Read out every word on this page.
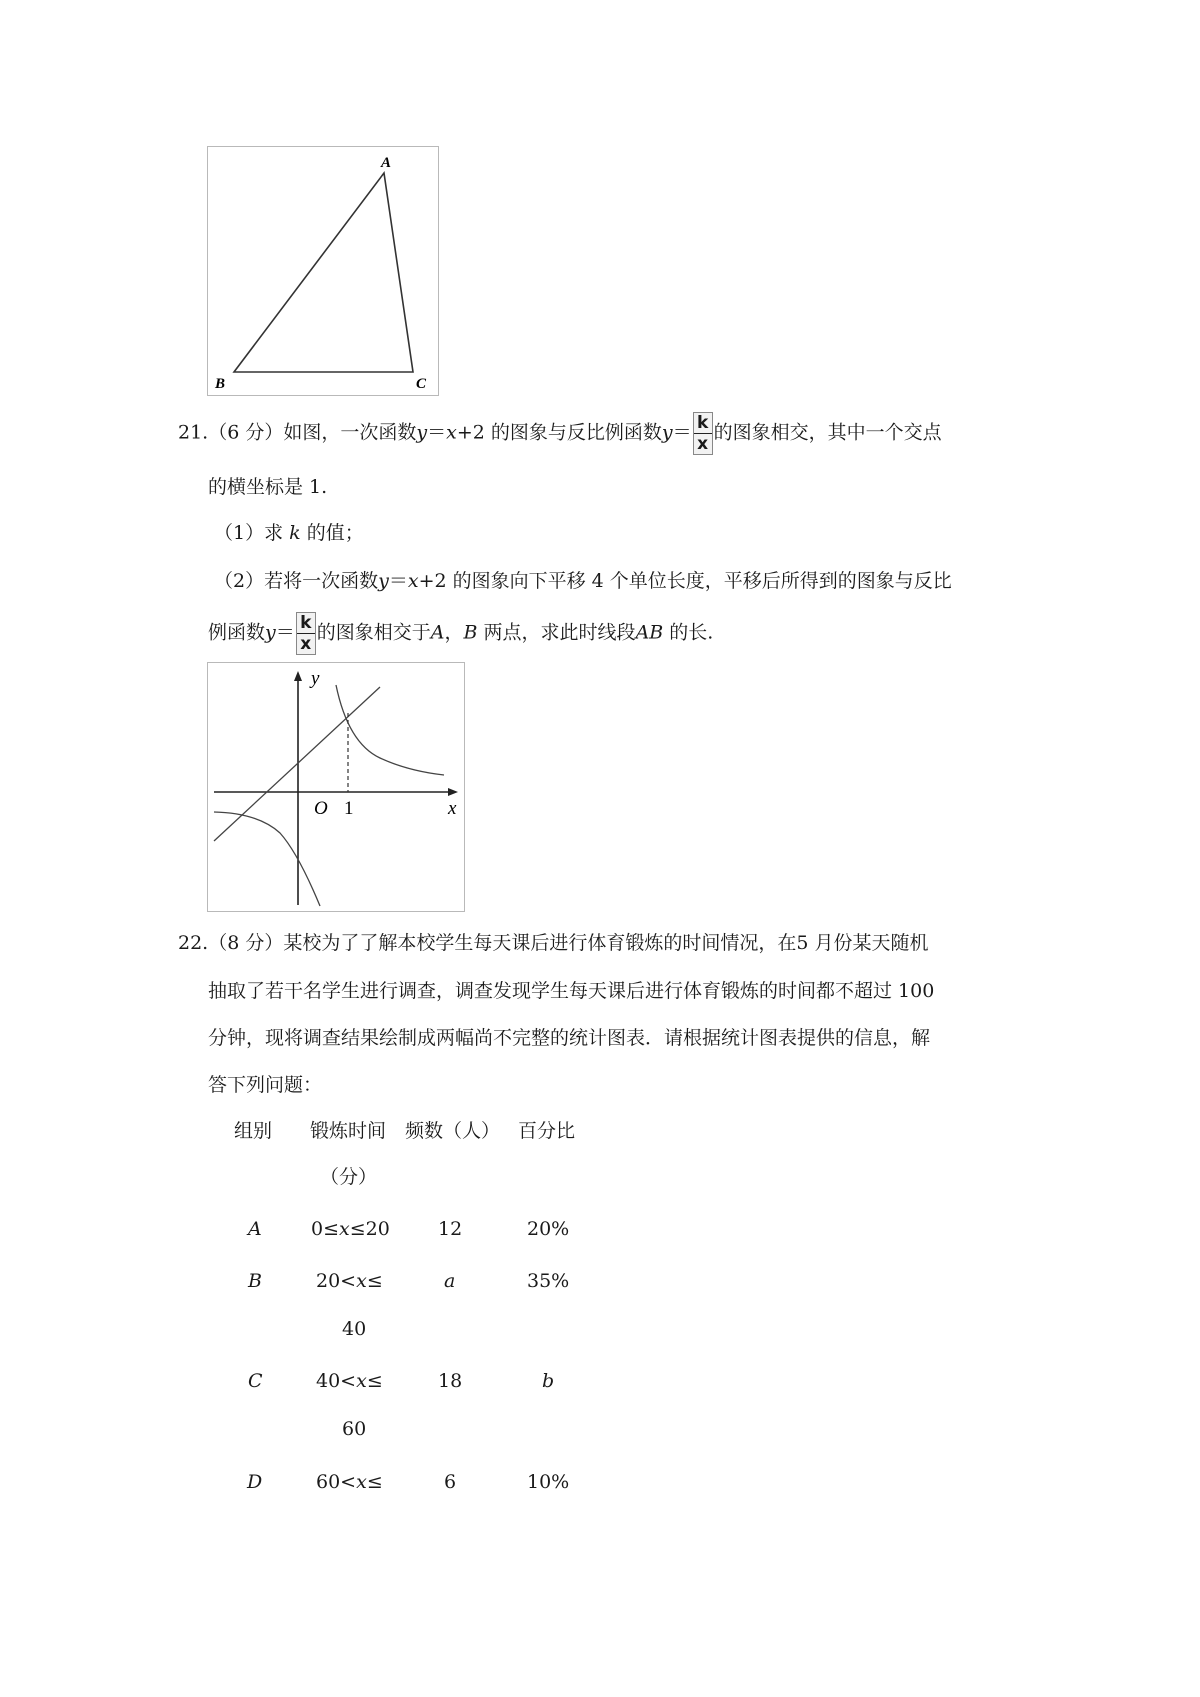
A
B	C
21.（6 分）如图，一次函数y＝x+2 的图象与反比例函数$y= \frac{k}{x}$ 的图象相交，其中一个交点
的横坐标是 1.
（1）求 k 的值；
（2）若将一次函数y＝x+2 的图象向下平移 4 个单位长度，平移后所得到的图象与反比
例函数$y= \frac{k}{x}$ 的图象相交于A，B 两点，求此时线段AB 的长.
y
x
O 1
22.（8 分）某校为了了解本校学生每天课后进行体育锻炼的时间情况，在5 月份某天随机
抽取了若干名学生进行调查，调查发现学生每天课后进行体育锻炼的时间都不超过 100
分钟，现将调查结果绘制成两幅尚不完整的统计图表．请根据统计图表提供的信息，解
答下列问题：
组别 锻炼时间 频数（人） 百分比
（分）
A	0≤x≤20	12	20%
B	20<x≤	a	35%
40
C	40<x≤	18	b
60
D	60<x≤	6	10%
